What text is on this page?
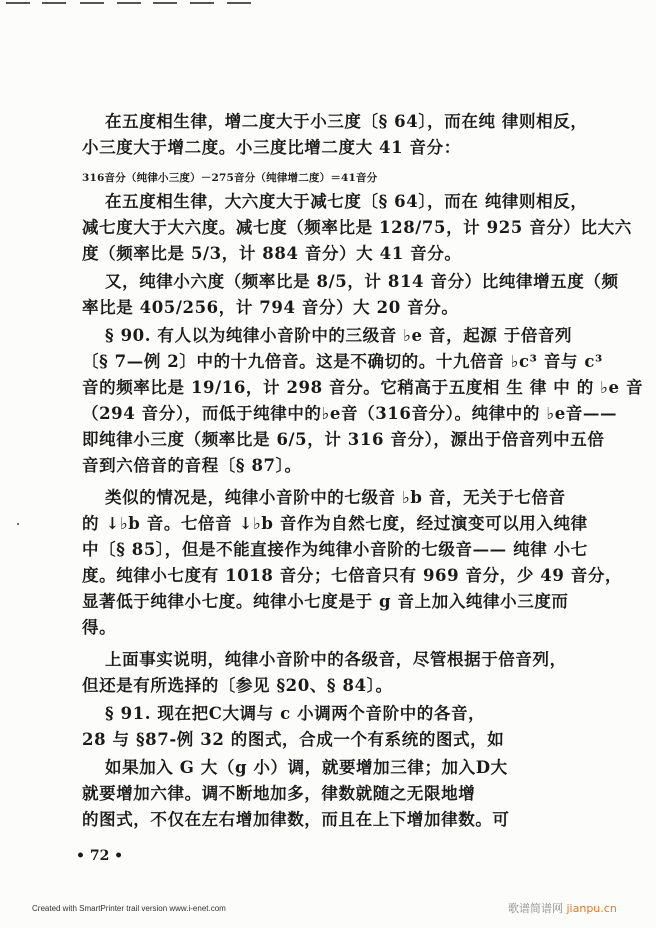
在五度相生律，增二度大于小三度〔§ 64〕，而在纯 律则相反，
小三度大于增二度。小三度比增二度大 41 音分：
316音分（纯律小三度）－275音分（纯律增二度）＝41音分
在五度相生律，大六度大于减七度〔§ 64〕，而在 纯律则相反，
减七度大于大六度。减七度（频率比是 128/75，计 925 音分）比大六
度（频率比是 5/3，计 884 音分）大 41 音分。
又，纯律小六度（频率比是 8/5，计 814 音分）比纯律增五度（频
率比是 405/256，计 794 音分）大 20 音分。
§ 90. 有人以为纯律小音阶中的三级音 ♭e 音，起源 于倍音列
〔§ 7—例 2〕中的十九倍音。这是不确切的。十九倍音 ♭c³ 音与 c³
音的频率比是 19/16，计 298 音分。它稍高于五度相 生 律 中 的 ♭e 音
（294 音分），而低于纯律中的♭e音（316音分）。纯律中的 ♭e音——
即纯律小三度（频率比是 6/5，计 316 音分），源出于倍音列中五倍
音到六倍音的音程〔§ 87〕。
类似的情况是，纯律小音阶中的七级音 ♭b 音，无关于七倍音
的 ↓♭b 音。七倍音 ↓♭b 音作为自然七度，经过演变可以用入纯律
中〔§ 85〕，但是不能直接作为纯律小音阶的七级音—— 纯律 小七
度。纯律小七度有 1018 音分；七倍音只有 969 音分，少 49 音分，
显著低于纯律小七度。纯律小七度是于 g 音上加入纯律小三度而
得。
上面事实说明，纯律小音阶中的各级音，尽管根据于倍音列，
但还是有所选择的〔参见 §20、§ 84〕。
§ 91. 现在把C大调与 c 小调两个音阶中的各音，
28 与 §87-例 32 的图式，合成一个有系统的图式，如
如果加入 G 大（g 小）调，就要增加三律；加入D大
就要增加六律。调不断地加多，律数就随之无限地增
的图式，不仅在左右增加律数，而且在上下增加律数。可
• 72 •
Created with SmartPrinter trail version www.i-enet.com	歌谱简谱网 jianpu.cn
